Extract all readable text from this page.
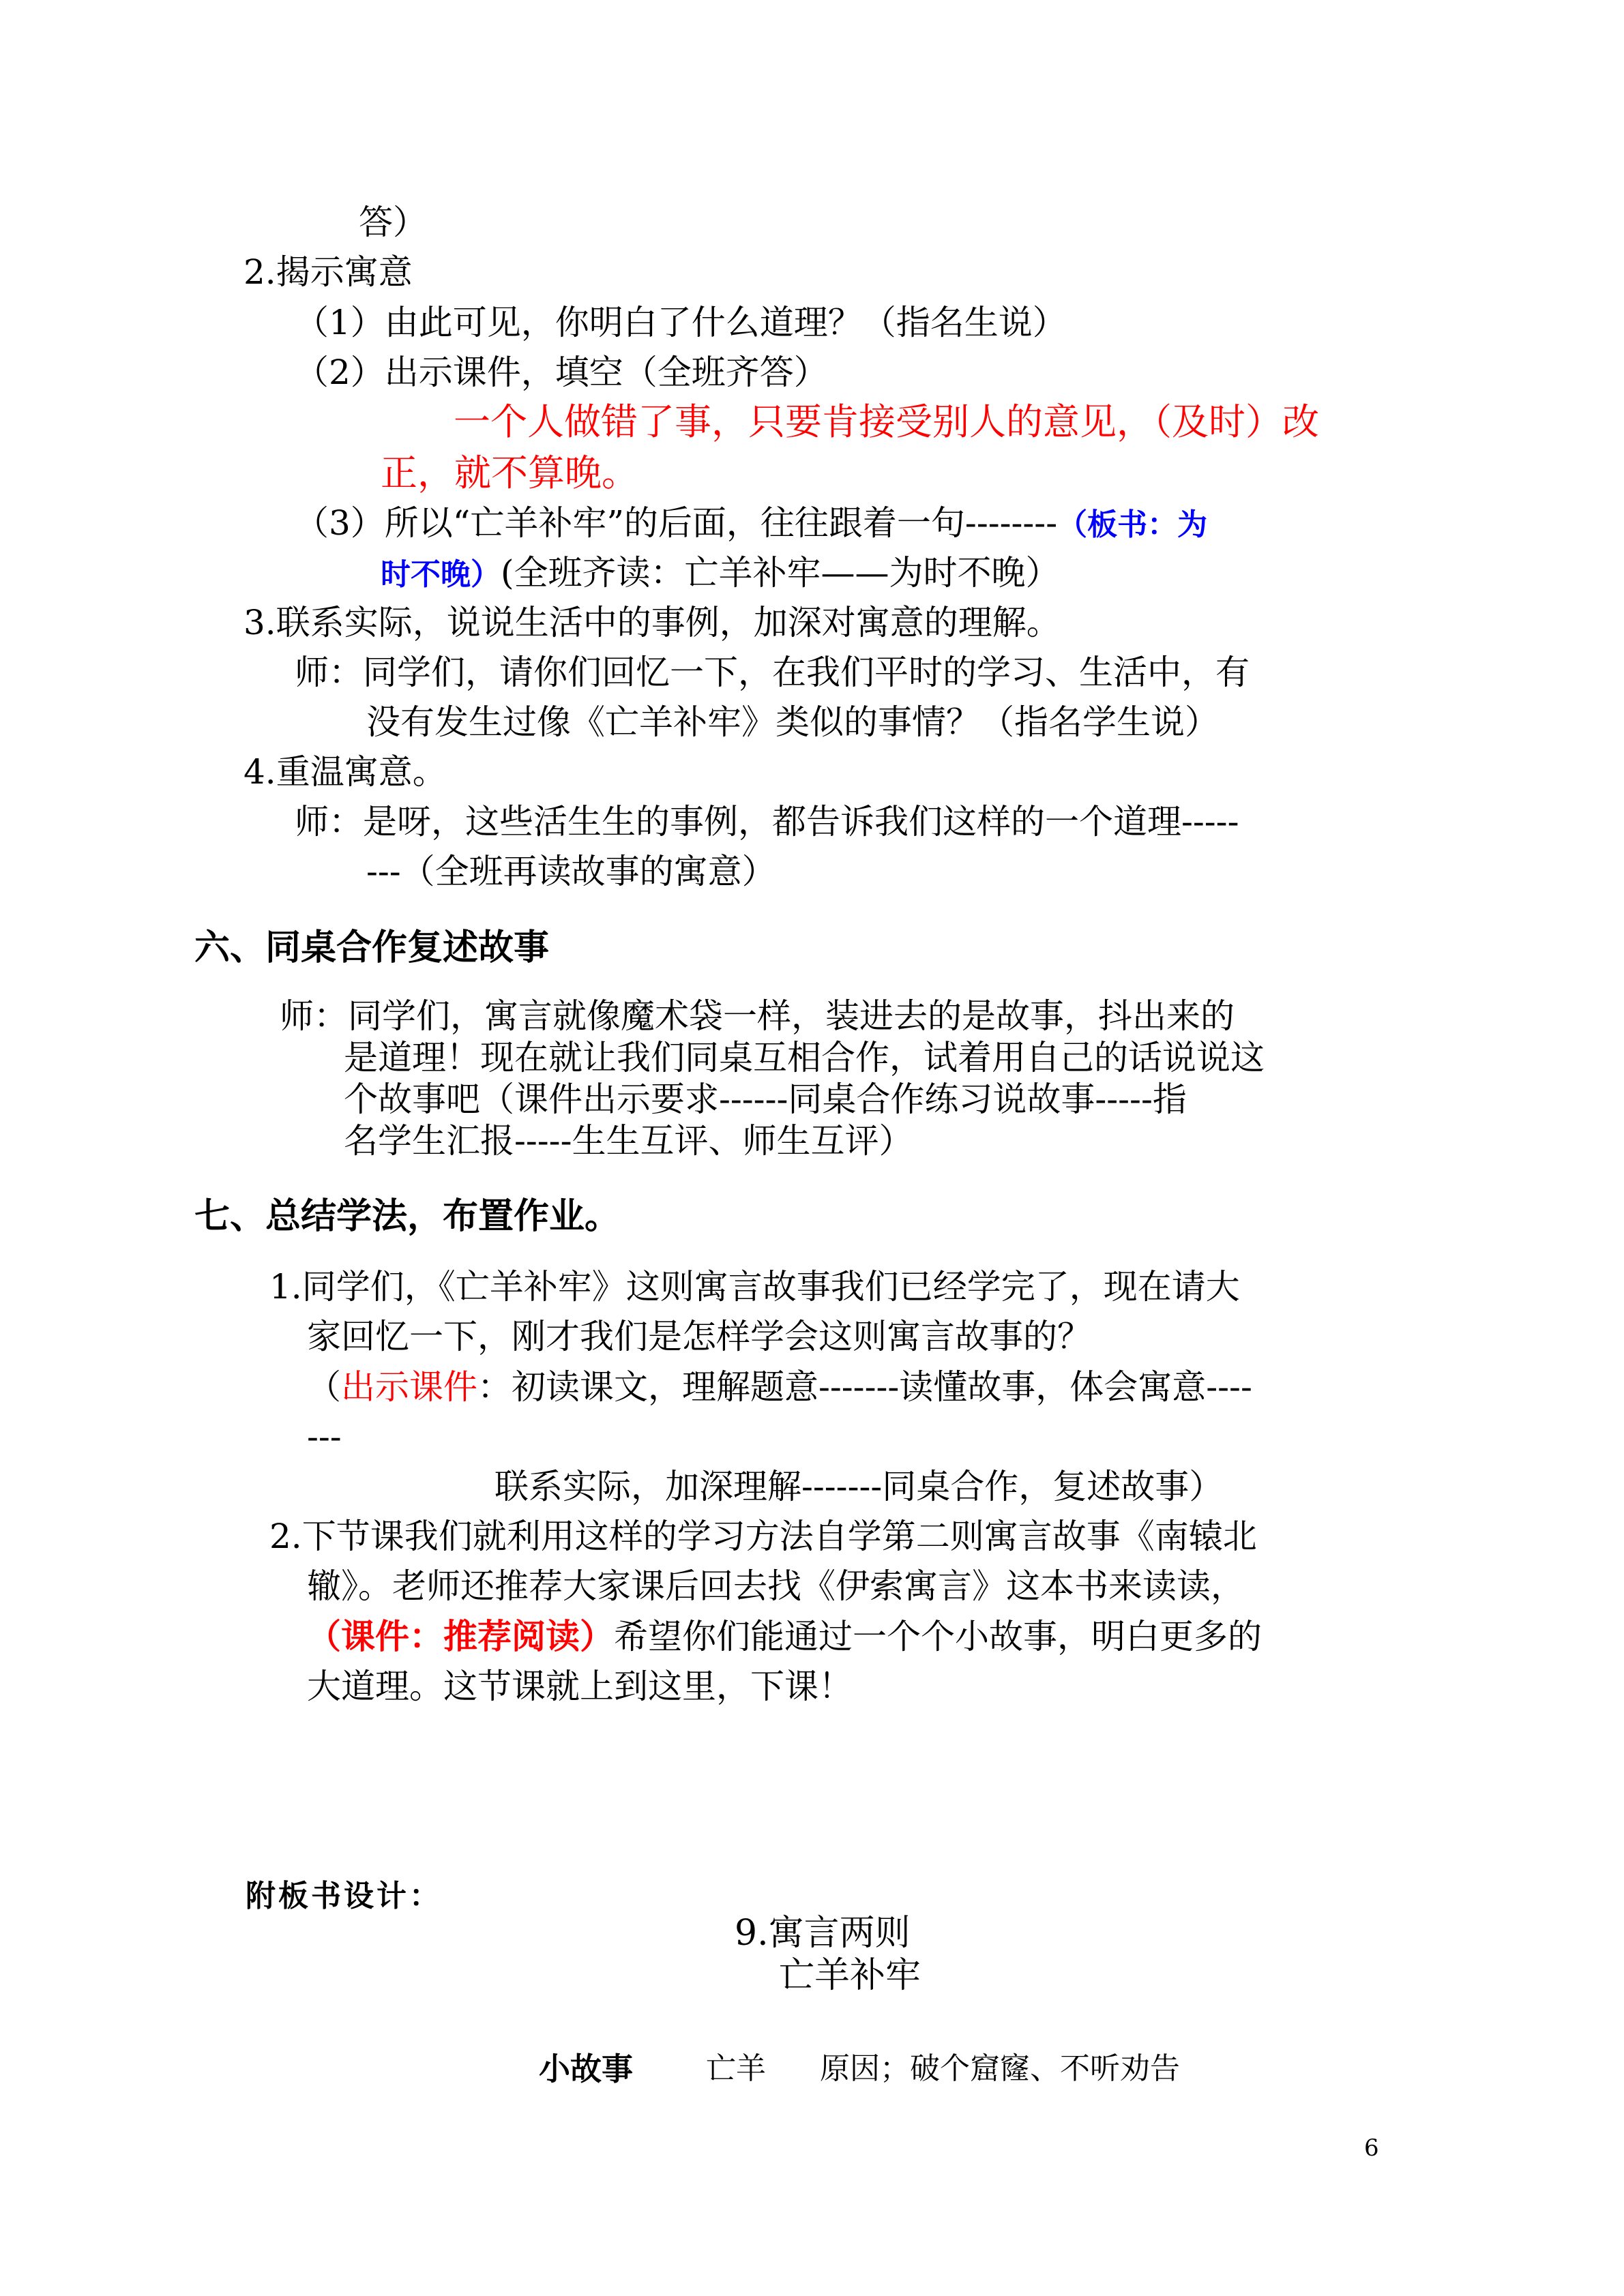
答）
2.揭示寓意
（1）由此可见，你明白了什么道理？（指名生说）
（2）出示课件，填空（全班齐答）
一个人做错了事，只要肯接受别人的意见，（及时）改
正，就不算晚。
（3）所以“亡羊补牢”的后面，往往跟着一句--------（板书：为
时不晚）(全班齐读：亡羊补牢——为时不晚）
3.联系实际，说说生活中的事例，加深对寓意的理解。
师：同学们，请你们回忆一下，在我们平时的学习、生活中，有
没有发生过像《亡羊补牢》类似的事情？（指名学生说）
4.重温寓意。
师：是呀，这些活生生的事例，都告诉我们这样的一个道理-----
---（全班再读故事的寓意）
六、同桌合作复述故事
师：同学们，寓言就像魔术袋一样，装进去的是故事，抖出来的
是道理！现在就让我们同桌互相合作，试着用自己的话说说这
个故事吧（课件出示要求------同桌合作练习说故事-----指
名学生汇报-----生生互评、师生互评）
七、总结学法，布置作业。
1.同学们，《亡羊补牢》这则寓言故事我们已经学完了，现在请大
家回忆一下，刚才我们是怎样学会这则寓言故事的？
（出示课件：初读课文，理解题意-------读懂故事，体会寓意----
---
联系实际，加深理解-------同桌合作，复述故事）
2.下节课我们就利用这样的学习方法自学第二则寓言故事《南辕北
辙》。老师还推荐大家课后回去找《伊索寓言》这本书来读读，
（课件：推荐阅读）希望你们能通过一个个小故事，明白更多的
大道理。这节课就上到这里，下课！
附板书设计：
9.寓言两则
亡羊补牢
小故事 亡羊 原因；破个窟窿、不听劝告
6
